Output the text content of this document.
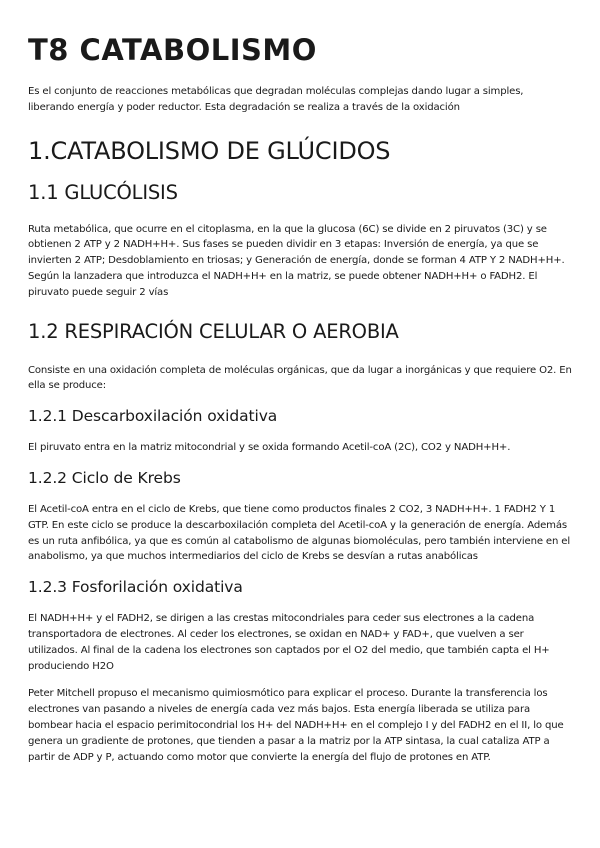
T8 CATABOLISMO

Es el conjunto de reacciones metabólicas que degradan moléculas complejas dando lugar a simples, liberando energía y poder reductor. Esta degradación se realiza a través de la oxidación

1.CATABOLISMO DE GLÚCIDOS
1.1 GLUCÓLISIS

Ruta metabólica, que ocurre en el citoplasma, en la que la glucosa (6C) se divide en 2 piruvatos (3C) y se obtienen 2 ATP y 2 NADH+H+. Sus fases se pueden dividir en 3 etapas: Inversión de energía, ya que se invierten 2 ATP; Desdoblamiento en triosas; y Generación de energía, donde se forman 4 ATP Y 2 NADH+H+. Según la lanzadera que introduzca el NADH+H+ en la matriz, se puede obtener NADH+H+ o FADH2. El piruvato puede seguir 2 vías

1.2 RESPIRACIÓN CELULAR O AEROBIA

Consiste en una oxidación completa de moléculas orgánicas, que da lugar a inorgánicas y que requiere O2. En ella se produce:

1.2.1 Descarboxilación oxidativa

El piruvato entra en la matriz mitocondrial y se oxida formando Acetil-coA (2C), CO2 y NADH+H+.

1.2.2 Ciclo de Krebs

El Acetil-coA entra en el ciclo de Krebs, que tiene como productos finales 2 CO2, 3 NADH+H+. 1 FADH2 Y 1 GTP. En este ciclo se produce la descarboxilación completa del Acetil-coA y la generación de energía. Además es un ruta anfibólica, ya que es común al catabolismo de algunas biomoléculas, pero también interviene en el anabolismo, ya que muchos intermediarios del ciclo de Krebs se desvían a rutas anabólicas

1.2.3 Fosforilación oxidativa

El NADH+H+ y el FADH2, se dirigen a las crestas mitocondriales para ceder sus electrones a la cadena transportadora de electrones. Al ceder los electrones, se oxidan en NAD+ y FAD+, que vuelven a ser utilizados. Al final de la cadena los electrones son captados por el O2 del medio, que también capta el H+ produciendo H2O

Peter Mitchell propuso el mecanismo quimiosmótico para explicar el proceso. Durante la transferencia los electrones van pasando a niveles de energía cada vez más bajos. Esta energía liberada se utiliza para bombear hacia el espacio perimitocondrial los H+ del NADH+H+ en el complejo I y del FADH2 en el II, lo que genera un gradiente de protones, que tienden a pasar a la matriz por la ATP sintasa, la cual cataliza ATP a partir de ADP y P, actuando como motor que convierte la energía del flujo de protones en ATP.
